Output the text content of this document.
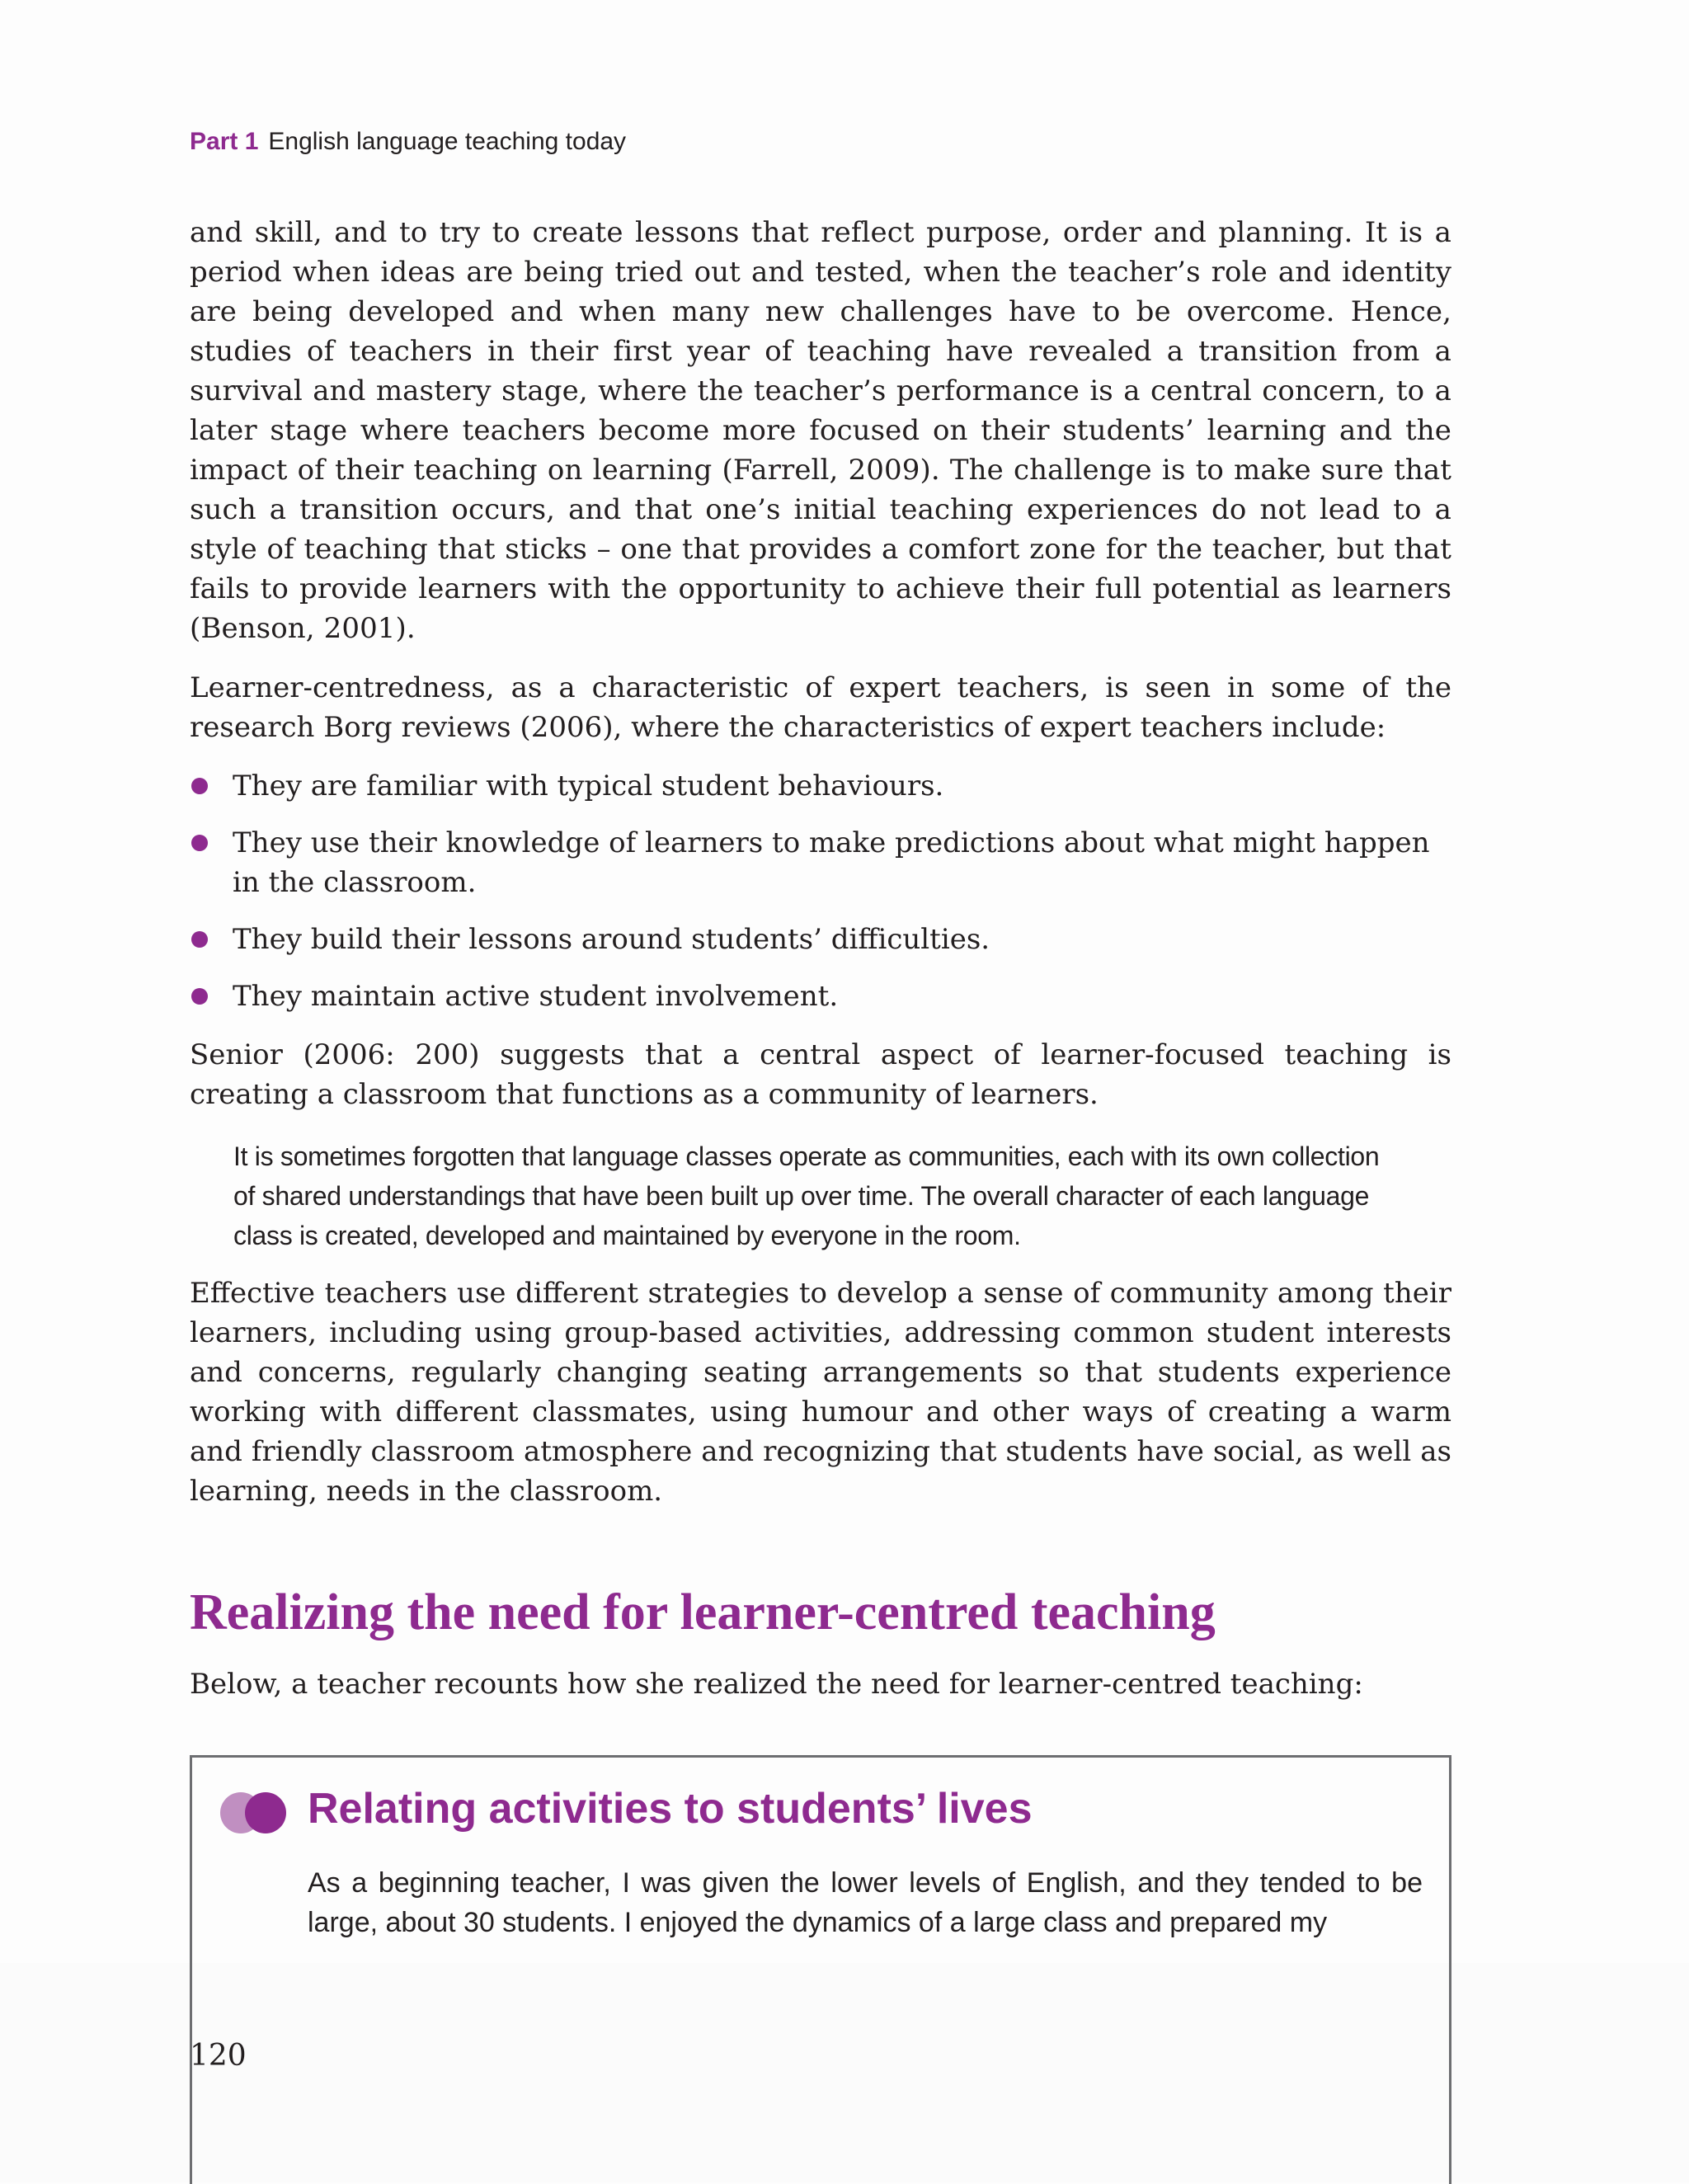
Part 1 English language teaching today

and skill, and to try to create lessons that reflect purpose, order and planning. It is a period when ideas are being tried out and tested, when the teacher’s role and identity are being developed and when many new challenges have to be overcome. Hence, studies of teachers in their first year of teaching have revealed a transition from a survival and mastery stage, where the teacher’s performance is a central concern, to a later stage where teachers become more focused on their students’ learning and the impact of their teaching on learning (Farrell, 2009). The challenge is to make sure that such a transition occurs, and that one’s initial teaching experiences do not lead to a style of teaching that sticks – one that provides a comfort zone for the teacher, but that fails to provide learners with the opportunity to achieve their full potential as learners (Benson, 2001).

Learner-centredness, as a characteristic of expert teachers, is seen in some of the research Borg reviews (2006), where the characteristics of expert teachers include:

They are familiar with typical student behaviours.
They use their knowledge of learners to make predictions about what might happen in the classroom.
They build their lessons around students’ difficulties.
They maintain active student involvement.

Senior (2006: 200) suggests that a central aspect of learner-focused teaching is creating a classroom that functions as a community of learners.

It is sometimes forgotten that language classes operate as communities, each with its own collection of shared understandings that have been built up over time. The overall character of each language class is created, developed and maintained by everyone in the room.

Effective teachers use different strategies to develop a sense of community among their learners, including using group-based activities, addressing common student interests and concerns, regularly changing seating arrangements so that students experience working with different classmates, using humour and other ways of creating a warm and friendly classroom atmosphere and recognizing that students have social, as well as learning, needs in the classroom.

Realizing the need for learner-centred teaching

Below, a teacher recounts how she realized the need for learner-centred teaching:

Relating activities to students’ lives

As a beginning teacher, I was given the lower levels of English, and they tended to be large, about 30 students. I enjoyed the dynamics of a large class and prepared my

120
